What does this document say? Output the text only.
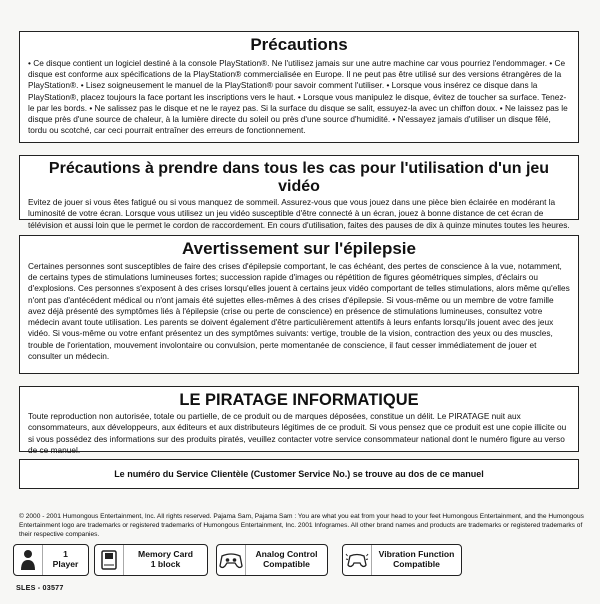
Précautions

• Ce disque contient un logiciel destiné à la console PlayStation®. Ne l'utilisez jamais sur une autre machine car vous pourriez l'endommager. • Ce disque est conforme aux spécifications de la PlayStation® commercialisée en Europe. Il ne peut pas être utilisé sur des versions étrangères de la PlayStation®. • Lisez soigneusement le manuel de la PlayStation® pour savoir comment l'utiliser. • Lorsque vous insérez ce disque dans la PlayStation®, placez toujours la face portant les inscriptions vers le haut. • Lorsque vous manipulez le disque, évitez de toucher sa surface. Tenez-le par les bords. • Ne salissez pas le disque et ne le rayez pas. Si la surface du disque se salit, essuyez-la avec un chiffon doux. • Ne laissez pas le disque près d'une source de chaleur, à la lumière directe du soleil ou près d'une source d'humidité. • N'essayez jamais d'utiliser un disque fêlé, tordu ou scotché, car ceci pourrait entraîner des erreurs de fonctionnement.

Précautions à prendre dans tous les cas pour l'utilisation d'un jeu vidéo

Evitez de jouer si vous êtes fatigué ou si vous manquez de sommeil. Assurez-vous que vous jouez dans une pièce bien éclairée en modérant la luminosité de votre écran. Lorsque vous utilisez un jeu vidéo susceptible d'être connecté à un écran, jouez à bonne distance de cet écran de télévision et aussi loin que le permet le cordon de raccordement. En cours d'utilisation, faites des pauses de dix à quinze minutes toutes les heures.

Avertissement sur l'épilepsie

Certaines personnes sont susceptibles de faire des crises d'épilepsie comportant, le cas échéant, des pertes de conscience à la vue, notamment, de certains types de stimulations lumineuses fortes; succession rapide d'images ou répétition de figures géométriques simples, d'éclairs ou d'explosions. Ces personnes s'exposent à des crises lorsqu'elles jouent à certains jeux vidéo comportant de telles stimulations, alors même qu'elles n'ont pas d'antécédent médical ou n'ont jamais été sujettes elles-mêmes à des crises d'épilepsie. Si vous-même ou un membre de votre famille avez déjà présenté des symptômes liés à l'épilepsie (crise ou perte de conscience) en présence de stimulations lumineuses, consultez votre médecin avant toute utilisation. Les parents se doivent également d'être particulièrement attentifs à leurs enfants lorsqu'ils jouent avec des jeux vidéo. Si vous-même ou votre enfant présentez un des symptômes suivants: vertige, trouble de la vision, contraction des yeux ou des muscles, trouble de l'orientation, mouvement involontaire ou convulsion, perte momentanée de conscience, il faut cesser immédiatement de jouer et consulter un médecin.

LE PIRATAGE INFORMATIQUE

Toute reproduction non autorisée, totale ou partielle, de ce produit ou de marques déposées, constitue un délit. Le PIRATAGE nuit aux consommateurs, aux développeurs, aux éditeurs et aux distributeurs légitimes de ce produit. Si vous pensez que ce produit est une copie illicite ou si vous possédez des informations sur des produits piratés, veuillez contacter votre service consommateur national dont le numéro figure au verso de ce manuel.

Le numéro du Service Clientèle (Customer Service No.) se trouve au dos de ce manuel
© 2000 - 2001 Humongous Entertainment, Inc. All rights reserved. Pajama Sam, Pajama Sam : You are what you eat from your head to your feet Humongous Entertainment, and the Humongous Entertainment logo are trademarks or registered trademarks of Humongous Entertainment, Inc. 2001 Infogrames. All other brand names and products are trademarks or registered trademarks of their respective companies.
1
Player
Memory Card
1 block
Analog Control
Compatible
Vibration Function
Compatible
SLES - 03577
